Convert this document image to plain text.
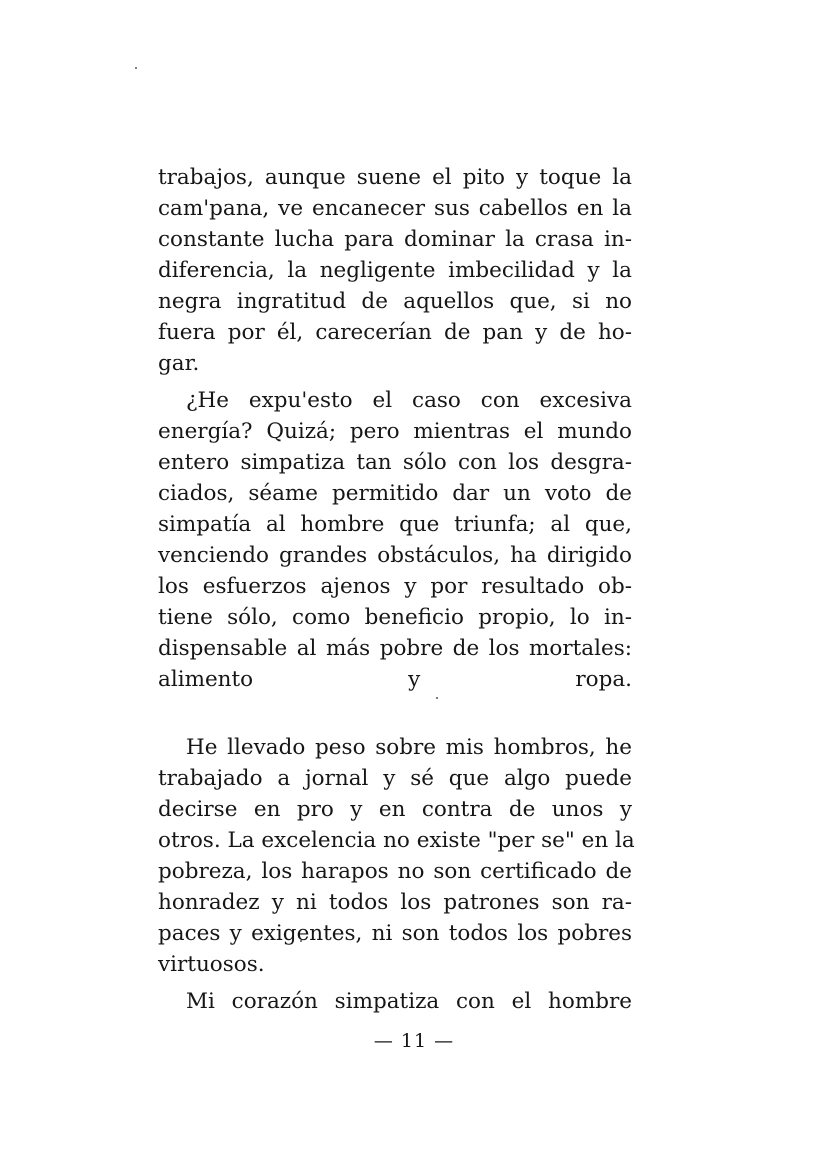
trabajos, aunque suene el pito y toque la
cam'pana, ve encanecer sus cabellos en la
constante lucha para dominar la crasa in-
diferencia, la negligente imbecilidad y la
negra ingratitud de aquellos que, si no
fuera por él, carecerían de pan y de ho-
gar.
¿He expu'esto el caso con excesiva
energía? Quizá; pero mientras el mundo
entero simpatiza tan sólo con los desgra-
ciados, séame permitido dar un voto de
simpatía al hombre que triunfa; al que,
venciendo grandes obstáculos, ha dirigido
los esfuerzos ajenos y por resultado ob-
tiene sólo, como beneficio propio, lo in-
dispensable al más pobre de los mortales:
alimento y ropa.
He llevado peso sobre mis hombros, he
trabajado a jornal y sé que algo puede
decirse en pro y en contra de unos y
otros. La excelencia no existe "per se" en la
pobreza, los harapos no son certificado de
honradez y ni todos los patrones son ra-
paces y exigentes, ni son todos los pobres
virtuosos.
Mi corazón simpatiza con el hombre
— 11 —
